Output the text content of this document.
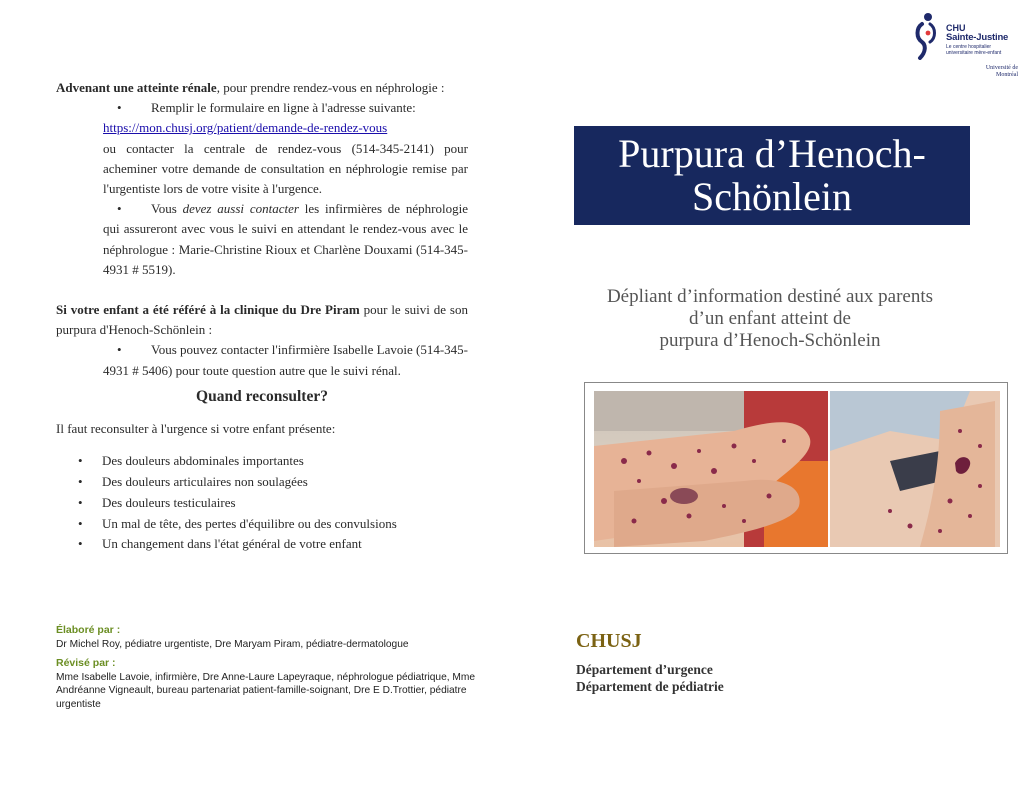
Advenant une atteinte rénale, pour prendre rendez-vous en néphrologie :

•Remplir le formulaire en ligne à l'adresse suivante:
https://mon.chusj.org/patient/demande-de-rendez-vous
ou contacter la centrale de rendez-vous (514-345-2141) pour acheminer votre demande de consultation en néphrologie remise par l'urgentiste lors de votre visite à l'urgence.
•Vous devez aussi contacter les infirmières de néphrologie qui assureront avec vous le suivi en attendant le rendez-vous avec le néphrologue : Marie-Christine Rioux et Charlène Douxami (514-345-4931 # 5519).

Si votre enfant a été référé à la clinique du Dre Piram pour le suivi de son purpura d'Henoch-Schönlein :

•Vous pouvez contacter l'infirmière Isabelle Lavoie (514-345-4931 # 5406) pour toute question autre que le suivi rénal.
Quand reconsulter?

Il faut reconsulter à l'urgence si votre enfant présente:

• Des douleurs abdominales importantes
• Des douleurs articulaires non soulagées
• Des douleurs testiculaires
• Un mal de tête, des pertes d'équilibre ou des convulsions
• Un changement dans l'état général de votre enfant
Élaboré par :
Dr Michel Roy, pédiatre urgentiste, Dre Maryam Piram, pédiatre-dermatologue
Révisé par :
Mme Isabelle Lavoie, infirmière, Dre Anne-Laure Lapeyraque, néphrologue pédiatrique, Mme Andréanne Vigneault, bureau partenariat patient-famille-soignant, Dre E D.Trottier, pédiatre urgentiste
CHU
Sainte-Justine
Le centre hospitalier universitaire mère-enfant
Université de Montréal
Purpura d’Henoch-
Schönlein
Dépliant d’information destiné aux parents
d’un enfant atteint de
purpura d’Henoch-Schönlein
CHUSJ
Département d’urgence
Département de pédiatrie
